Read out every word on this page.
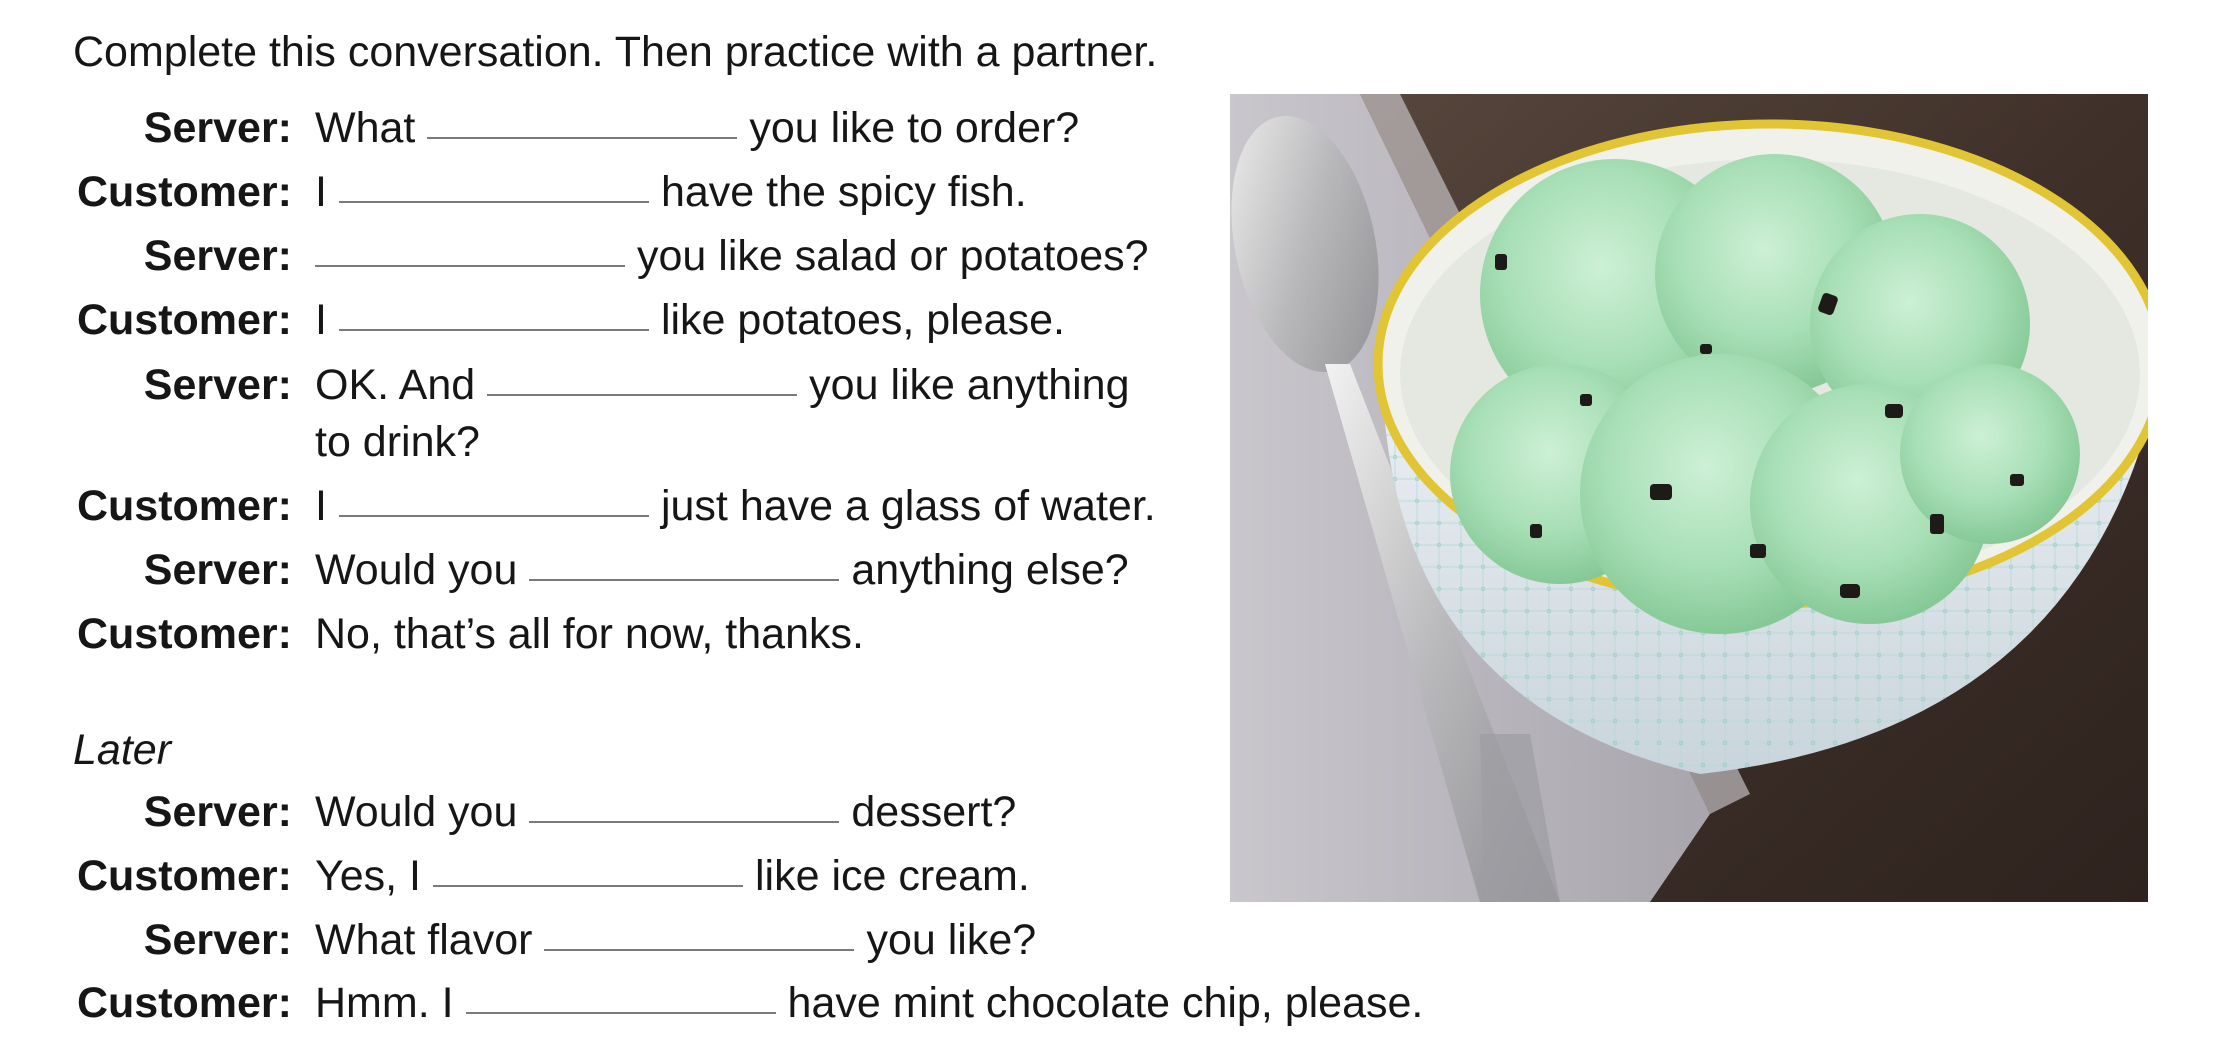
Complete this conversation. Then practice with a partner.
Server: What	you like to order?
Customer: I	have the spicy fish.
Server:	you like salad or potatoes?
Customer: I	like potatoes, please.
Server: OK. And	you like anything
to drink?
Customer: I	just have a glass of water.
Server: Would you	anything else?
Customer: No, that’s all for now, thanks.
Later
Server: Would you	dessert?
Customer: Yes, I	like ice cream.
Server: What flavor	you like?
Customer: Hmm. I	have mint chocolate chip, please.
